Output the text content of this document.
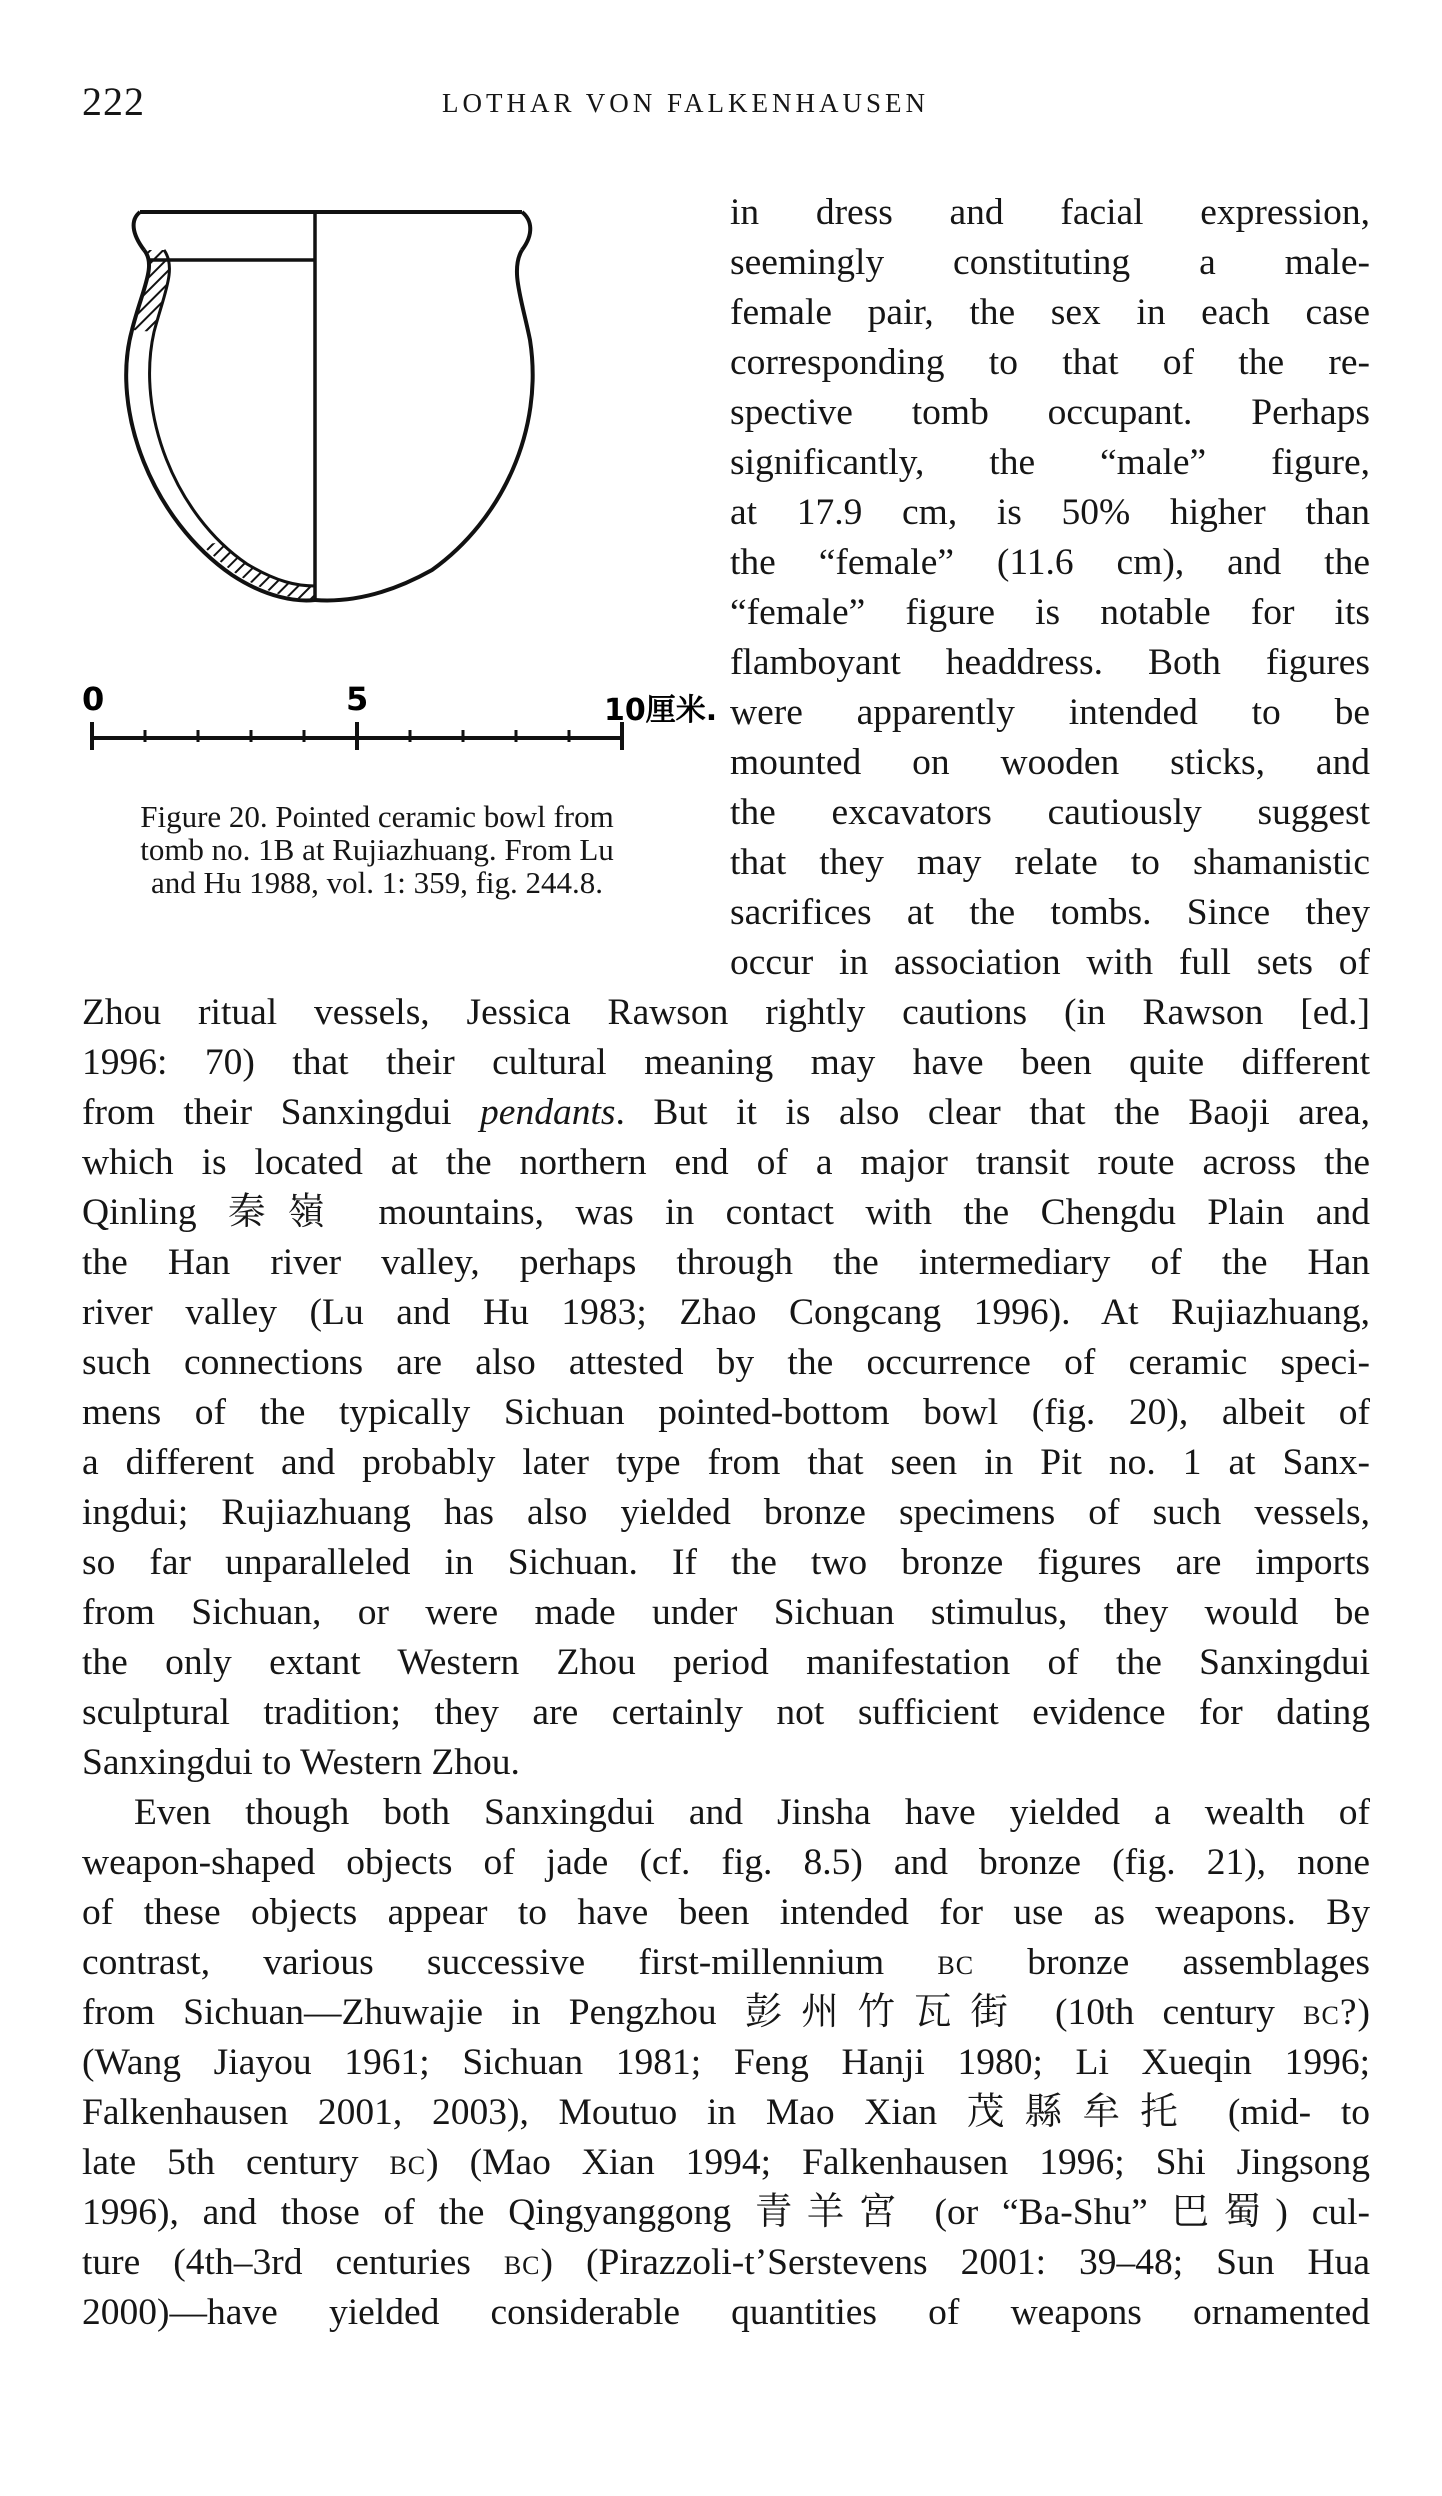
222	LOTHAR VON FALKENHAUSEN
0	5	10厘米.
Figure 20. Pointed ceramic bowl from
tomb no. 1B at Rujiazhuang. From Lu
and Hu 1988, vol. 1: 359, fig. 244.8.
in dress and facial expression,
seemingly constituting a male-
female pair, the sex in each case
corresponding to that of the re-
spective tomb occupant. Perhaps
significantly, the “male” figure,
at 17.9 cm, is 50% higher than
the “female” (11.6 cm), and the
“female” figure is notable for its
flamboyant headdress. Both figures
were apparently intended to be
mounted on wooden sticks, and
the excavators cautiously suggest
that they may relate to shamanistic
sacrifices at the tombs. Since they
occur in association with full sets of
Zhou ritual vessels, Jessica Rawson rightly cautions (in Rawson [ed.]
1996: 70) that their cultural meaning may have been quite different
from their Sanxingdui pendants. But it is also clear that the Baoji area,
which is located at the northern end of a major transit route across the
Qinling 秦嶺 mountains, was in contact with the Chengdu Plain and
the Han river valley, perhaps through the intermediary of the Han
river valley (Lu and Hu 1983; Zhao Congcang 1996). At Rujiazhuang,
such connections are also attested by the occurrence of ceramic speci-
mens of the typically Sichuan pointed-bottom bowl (fig. 20), albeit of
a different and probably later type from that seen in Pit no. 1 at Sanx-
ingdui; Rujiazhuang has also yielded bronze specimens of such vessels,
so far unparalleled in Sichuan. If the two bronze figures are imports
from Sichuan, or were made under Sichuan stimulus, they would be
the only extant Western Zhou period manifestation of the Sanxingdui
sculptural tradition; they are certainly not sufficient evidence for dating
Sanxingdui to Western Zhou.
Even though both Sanxingdui and Jinsha have yielded a wealth of
weapon-shaped objects of jade (cf. fig. 8.5) and bronze (fig. 21), none
of these objects appear to have been intended for use as weapons. By
contrast, various successive first-millennium bc bronze assemblages
from Sichuan—Zhuwajie in Pengzhou 彭州竹瓦街 (10th century bc?)
(Wang Jiayou 1961; Sichuan 1981; Feng Hanji 1980; Li Xueqin 1996;
Falkenhausen 2001, 2003), Moutuo in Mao Xian 茂縣牟托 (mid- to
late 5th century bc) (Mao Xian 1994; Falkenhausen 1996; Shi Jingsong
1996), and those of the Qingyanggong 青羊宮 (or “Ba-Shu” 巴蜀) cul-
ture (4th–3rd centuries bc) (Pirazzoli-t’Serstevens 2001: 39–48; Sun Hua
2000)—have yielded considerable quantities of weapons ornamented
